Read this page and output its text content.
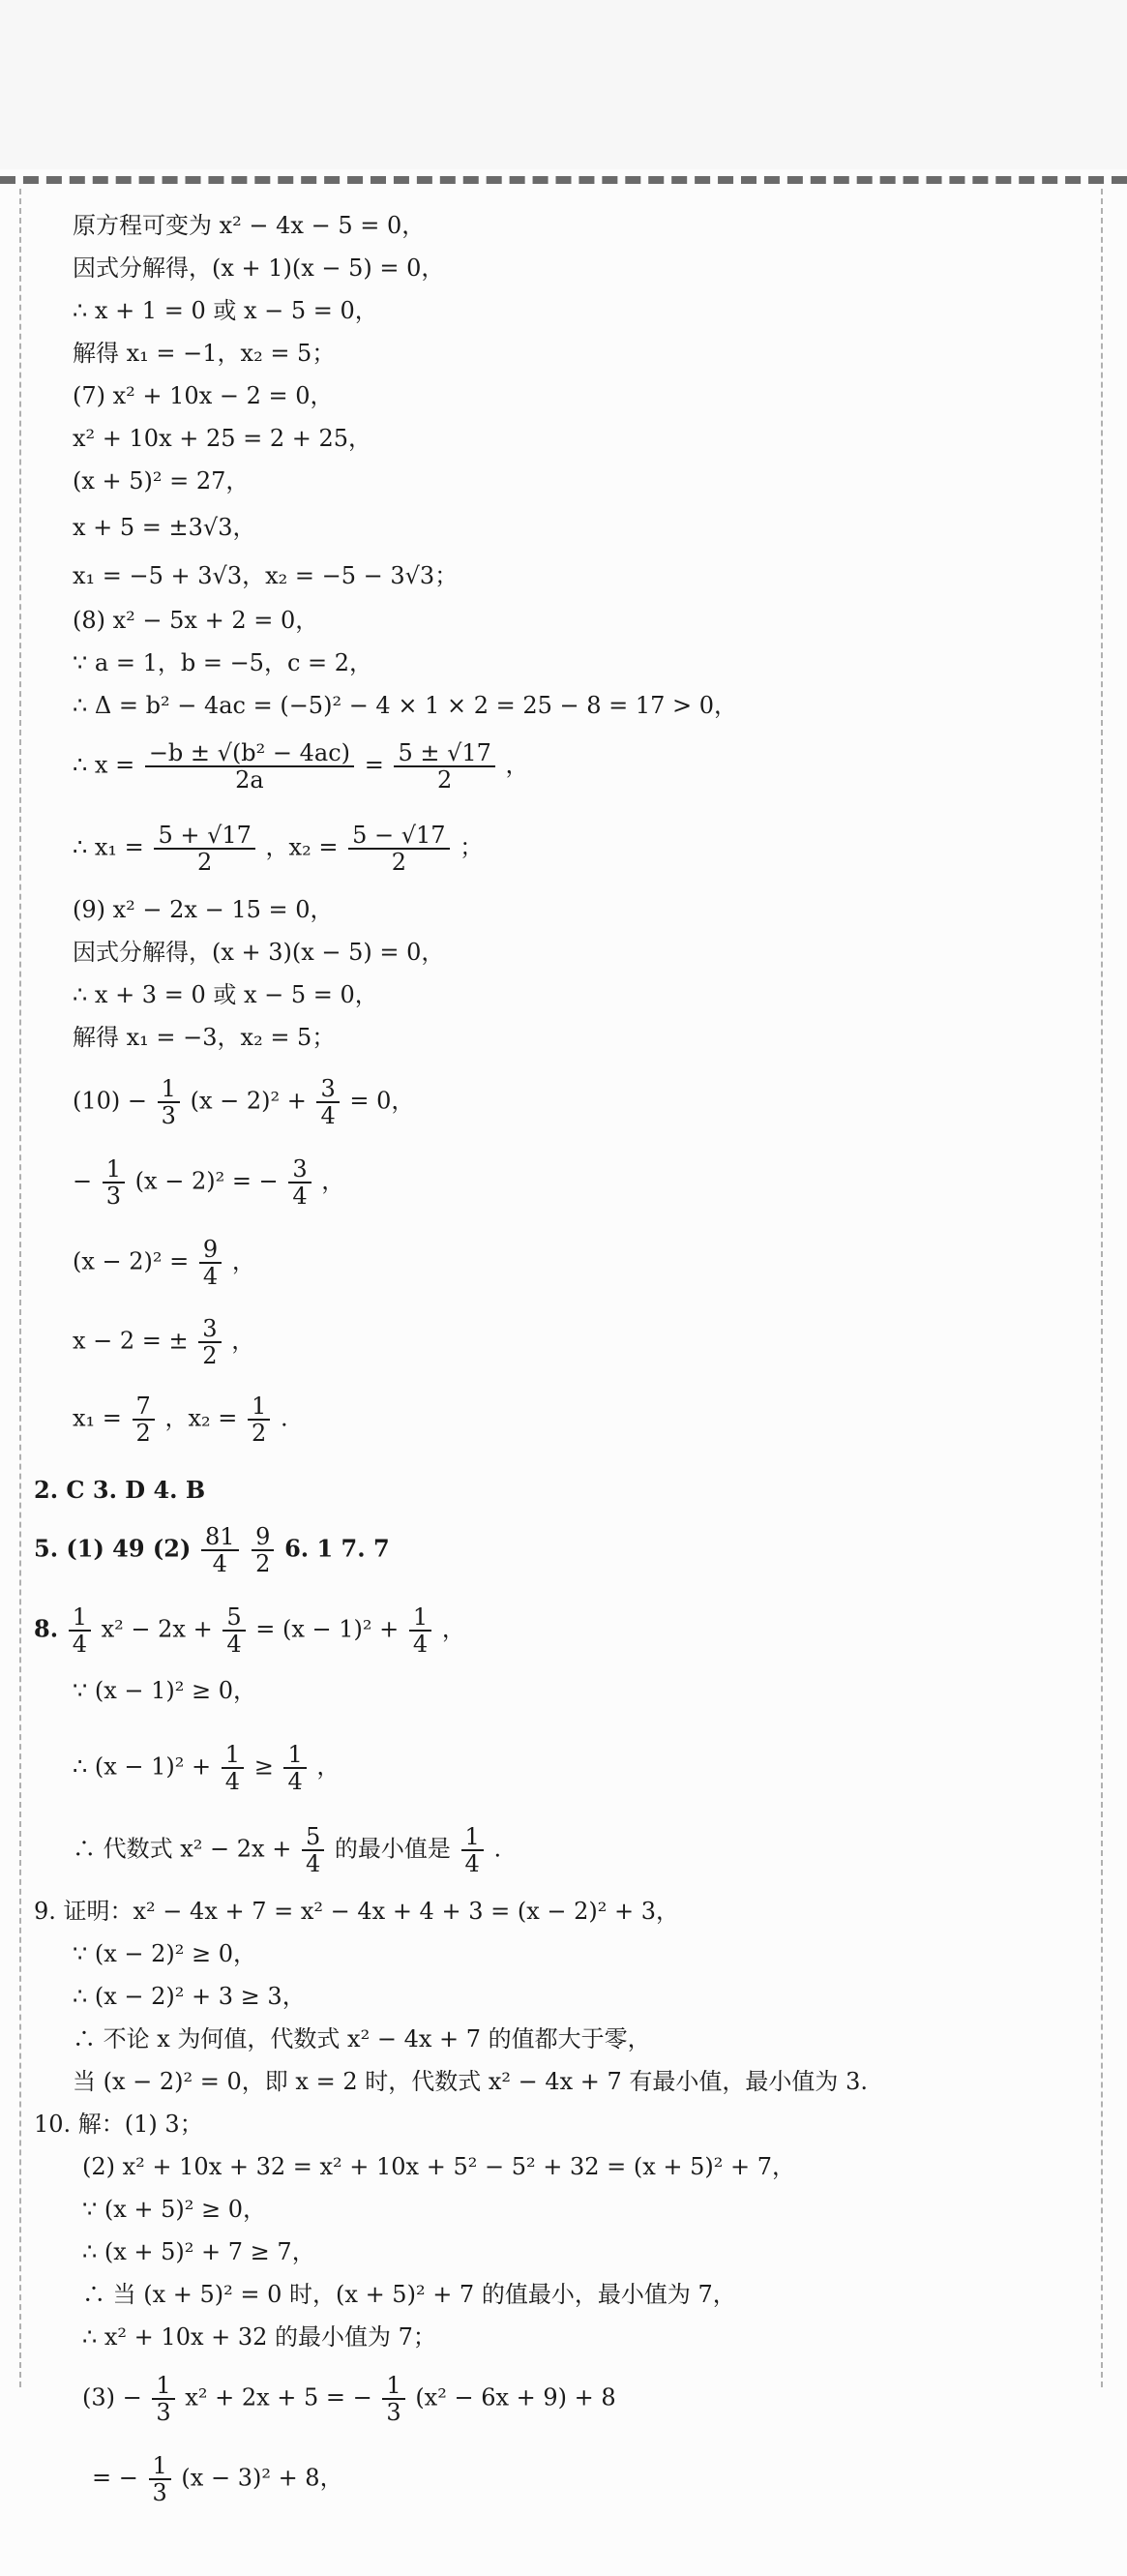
原方程可变为 x² − 4x − 5 = 0，
因式分解得，(x + 1)(x − 5) = 0，
∴ x + 1 = 0 或 x − 5 = 0，
解得 x₁ = −1，x₂ = 5；
(7) x² + 10x − 2 = 0，
x² + 10x + 25 = 2 + 25，
(x + 5)² = 27，
x + 5 = ±3√3，
x₁ = −5 + 3√3，x₂ = −5 − 3√3；
(8) x² − 5x + 2 = 0，
∵ a = 1，b = −5，c = 2，
∴ Δ = b² − 4ac = (−5)² − 4 × 1 × 2 = 25 − 8 = 17 > 0，
∴ $x = \frac{\text{−b ± √(b² − 4ac)}}{2a} = \frac{5 \pm √17}{2}$ ，
∴ $x_1 = \frac{5 + √17}{2}$ ，$x_2 = \frac{5 - √17}{2}$ ；
(9) x² − 2x − 15 = 0，
因式分解得，(x + 3)(x − 5) = 0，
∴ x + 3 = 0 或 x − 5 = 0，
解得 x₁ = −3，x₂ = 5；
$(10) - \frac{1}{3} (x - 2)^2 + \frac{3}{4} = 0$，
− $\frac{1}{3} (x - 2)^2$ = − $\frac{3}{4}$ ，
$(x - 2)^2 = \frac{9}{4}$ ，
x − 2 = ± $\frac{3}{2}$ ，
$x_1 = \frac{7}{2}$ ，$x_2 = \frac{1}{2}$ .
2. C 3. D 4. B
5. (1) 49 $(2) \frac{81}{4}$
$\frac{9}{2} 6$. 1 7. 7
8. $\frac{1}{4} x^2 - 2x + \frac{5}{4} = (x - 1)^2 + \frac{1}{4}$ ，
∵ (x − 1)² ≥ 0，
∴ $(x - 1)^2 + \frac{1}{4} \ge \frac{1}{4}$ ，
∴ 代数式 $x^2 - 2x + \frac{5}{4}$ 的最小值是 $\frac{1}{4}$ .
9. 证明：x² − 4x + 7 = x² − 4x + 4 + 3 = (x − 2)² + 3，
∵ (x − 2)² ≥ 0，
∴ (x − 2)² + 3 ≥ 3，
∴ 不论 x 为何值，代数式 x² − 4x + 7 的值都大于零，
当 (x − 2)² = 0，即 x = 2 时，代数式 x² − 4x + 7 有最小值，最小值为 3.
10. 解：(1) 3；
(2) x² + 10x + 32 = x² + 10x + 5² − 5² + 32 = (x + 5)² + 7，
∵ (x + 5)² ≥ 0，
∴ (x + 5)² + 7 ≥ 7，
∴ 当 (x + 5)² = 0 时，(x + 5)² + 7 的值最小，最小值为 7，
∴ x² + 10x + 32 的最小值为 7；
$(3) - \frac{1}{3} x^2 + 2x + 5$ = − $\frac{1}{3} (x^2 - 6x + 9) + 8$
= − $\frac{1}{3} (x - 3)^2 + 8$，
